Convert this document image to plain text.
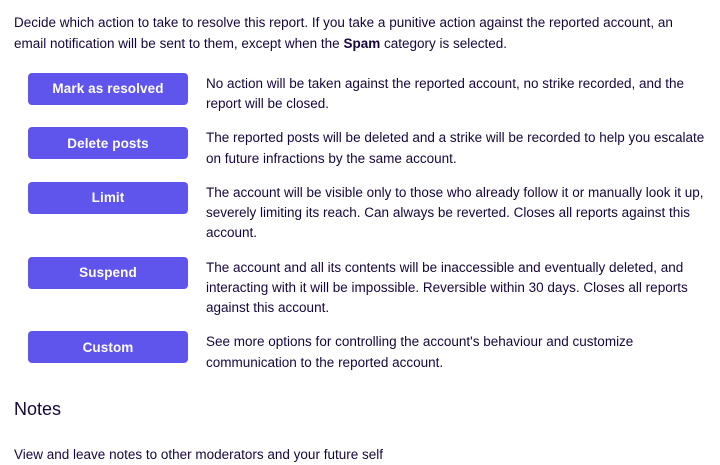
Decide which action to take to resolve this report. If you take a punitive action against the reported account, an email notification will be sent to them, except when the Spam category is selected.

Mark as resolved	No action will be taken against the reported account, no strike recorded, and the report will be closed.
Delete posts	The reported posts will be deleted and a strike will be recorded to help you escalate on future infractions by the same account.
Limit	The account will be visible only to those who already follow it or manually look it up, severely limiting its reach. Can always be reverted. Closes all reports against this account.
Suspend	The account and all its contents will be inaccessible and eventually deleted, and interacting with it will be impossible. Reversible within 30 days. Closes all reports against this account.
Custom	See more options for controlling the account's behaviour and customize communication to the reported account.
Notes
View and leave notes to other moderators and your future self
